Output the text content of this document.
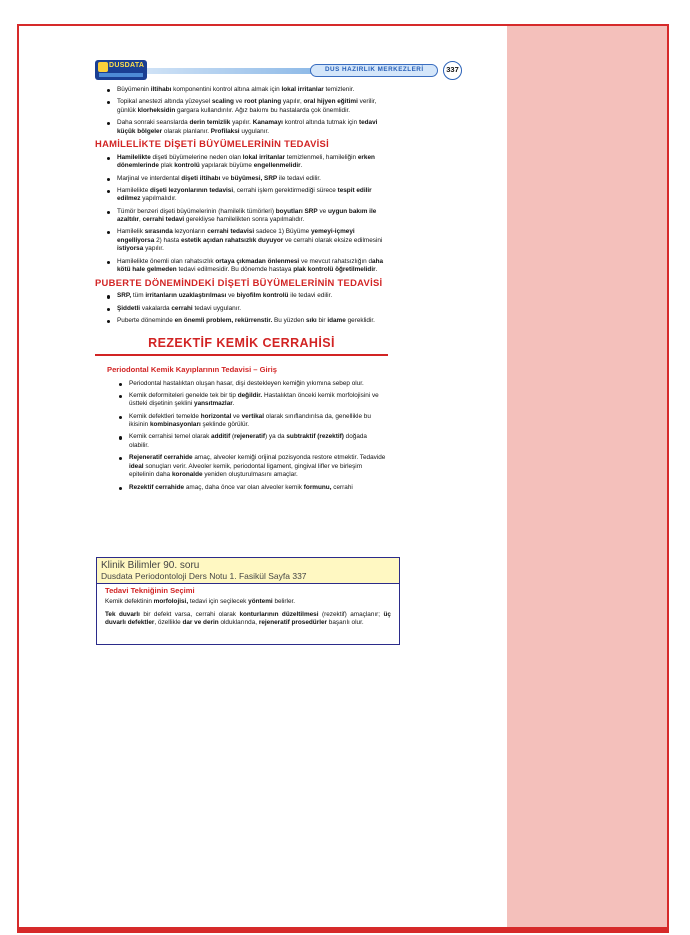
DUSDATA
DUS HAZIRLIK MERKEZLERİ	337
Büyümenin iltihabı komponentini kontrol altına almak için lokal irritanlar temizlenir.
Topikal anestezi altında yüzeysel scaling ve root planing yapılır, oral hijyen eğitimi verilir, günlük klorheksidin gargara kullandırılır. Ağız bakımı bu hastalarda çok önemlidir.
Daha sonraki seanslarda derin temizlik yapılır. Kanamayı kontrol altında tutmak için tedavi küçük bölgeler olarak planlanır. Profilaksi uygulanır.
HAMİLELİKTE DİŞETİ BÜYÜMELERİNİN TEDAVİSİ
Hamilelikte dişeti büyümelerine neden olan lokal irritanlar temizlenmeli, hamileliğin erken dönemlerinde plak kontrolü yapılarak büyüme engellenmelidir.
Marjinal ve interdental dişeti iltihabı ve büyümesi, SRP ile tedavi edilir.
Hamilelikte dişeti lezyonlarının tedavisi, cerrahi işlem gerektirmediği sürece tespit edilir edilmez yapılmalıdır.
Tümör benzeri dişeti büyümelerinin (hamilelik tümörleri) boyutları SRP ve uygun bakım ile azaltılır, cerrahi tedavi gerekliyse hamilelikten sonra yapılmalıdır.
Hamilelik sırasında lezyonların cerrahi tedavisi sadece 1) Büyüme yemeyi-içmeyi engelliyorsa 2) hasta estetik açıdan rahatsızlık duyuyor ve cerrahi olarak eksize edilmesini istiyorsa yapılır.
Hamilelikte önemli olan rahatsızlık ortaya çıkmadan önlenmesi ve mevcut rahatsızlığın daha kötü hale gelmeden tedavi edilmesidir. Bu dönemde hastaya plak kontrolü öğretilmelidir.
PUBERTE DÖNEMİNDEKİ DİŞETİ BÜYÜMELERİNİN TEDAVİSİ
SRP, tüm irritanların uzaklaştırılması ve biyofilm kontrolü ile tedavi edilir.
Şiddetli vakalarda cerrahi tedavi uygulanır.
Puberte döneminde en önemli problem, rekürrenstir. Bu yüzden sıkı bir idame gereklidir.
REZEKTİF KEMİK CERRAHİSİ
Periodontal Kemik Kayıplarının Tedavisi – Giriş
Periodontal hastalıktan oluşan hasar, dişi destekleyen kemiğin yıkımına sebep olur.
Kemik deformiteleri genelde tek bir tip değildir. Hastalıktan önceki kemik morfolojisini ve üstteki dişetinin şeklini yansıtmazlar.
Kemik defektleri temelde horizontal ve vertikal olarak sınıflandırılsa da, genellikle bu ikisinin kombinasyonları şeklinde görülür.
Kemik cerrahisi temel olarak additif (rejeneratif) ya da subtraktif (rezektif) doğada olabilir.
Rejeneratif cerrahide amaç, alveoler kemiği orijinal pozisyonda restore etmektir. Tedavide ideal sonuçları verir. Alveoler kemik, periodontal ligament, gingival lifler ve birleşim epitelinin daha koronalde yeniden oluşturulmasını amaçlar.
Rezektif cerrahide amaç, daha önce var olan alveoler kemik formunu, cerrahi
Klinik Bilimler 90. soru
Dusdata Periodontoloji Ders Notu 1. Fasikül Sayfa 337
Tedavi Tekniğinin Seçimi
Kemik defektinin morfolojisi, tedavi için seçilecek yöntemi belirler.
Tek duvarlı bir defekt varsa, cerrahi olarak konturlarının düzeltilmesi (rezektif) amaçlanır; üç duvarlı defektler, özellikle dar ve derin olduklarında, rejeneratif prosedürler başarılı olur.
